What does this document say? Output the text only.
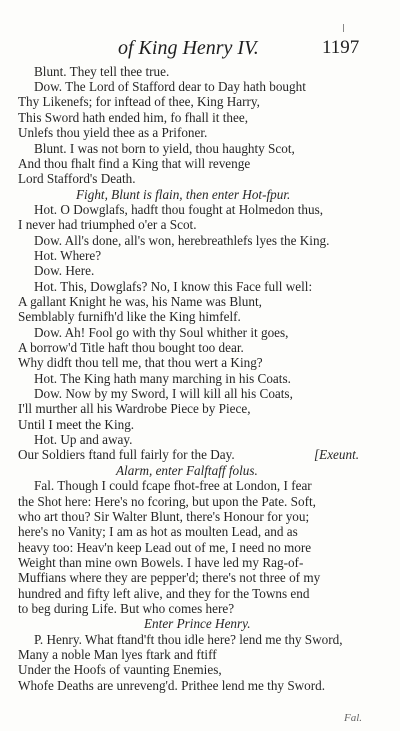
of King Henry IV.	1197
Blunt. They tell thee true.
Dow. The Lord of Stafford dear to Day hath bought
Thy Likenefs; for inftead of thee, King Harry,
This Sword hath ended him, fo fhall it thee,
Unlefs thou yield thee as a Prifoner.
Blunt. I was not born to yield, thou haughty Scot,
And thou fhalt find a King that will revenge
Lord Stafford's Death.
Fight, Blunt is flain, then enter Hot-fpur.
Hot. O Dowglafs, hadft thou fought at Holmedon thus,
I never had triumphed o'er a Scot.
Dow. All's done, all's won, herebreathlefs lyes the King.
Hot. Where?
Dow. Here.
Hot. This, Dowglafs? No, I know this Face full well:
A gallant Knight he was, his Name was Blunt,
Semblably furnifh'd like the King himfelf.
Dow. Ah! Fool go with thy Soul whither it goes,
A borrow'd Title haft thou bought too dear.
Why didft thou tell me, that thou wert a King?
Hot. The King hath many marching in his Coats.
Dow. Now by my Sword, I will kill all his Coats,
I'll murther all his Wardrobe Piece by Piece,
Until I meet the King.
Hot. Up and away.
Our Soldiers ftand full fairly for the Day.	[Exeunt.
Alarm, enter Falftaff folus.
Fal. Though I could fcape fhot-free at London, I fear
the Shot here: Here's no fcoring, but upon the Pate. Soft,
who art thou? Sir Walter Blunt, there's Honour for you;
here's no Vanity; I am as hot as moulten Lead, and as
heavy too: Heav'n keep Lead out of me, I need no more
Weight than mine own Bowels. I have led my Rag-of-
Muffians where they are pepper'd; there's not three of my
hundred and fifty left alive, and they for the Towns end
to beg during Life. But who comes here?
Enter Prince Henry.
P. Henry. What ftand'ft thou idle here? lend me thy Sword,
Many a noble Man lyes ftark and ftiff
Under the Hoofs of vaunting Enemies,
Whofe Deaths are unreveng'd. Prithee lend me thy Sword.
Fal.
